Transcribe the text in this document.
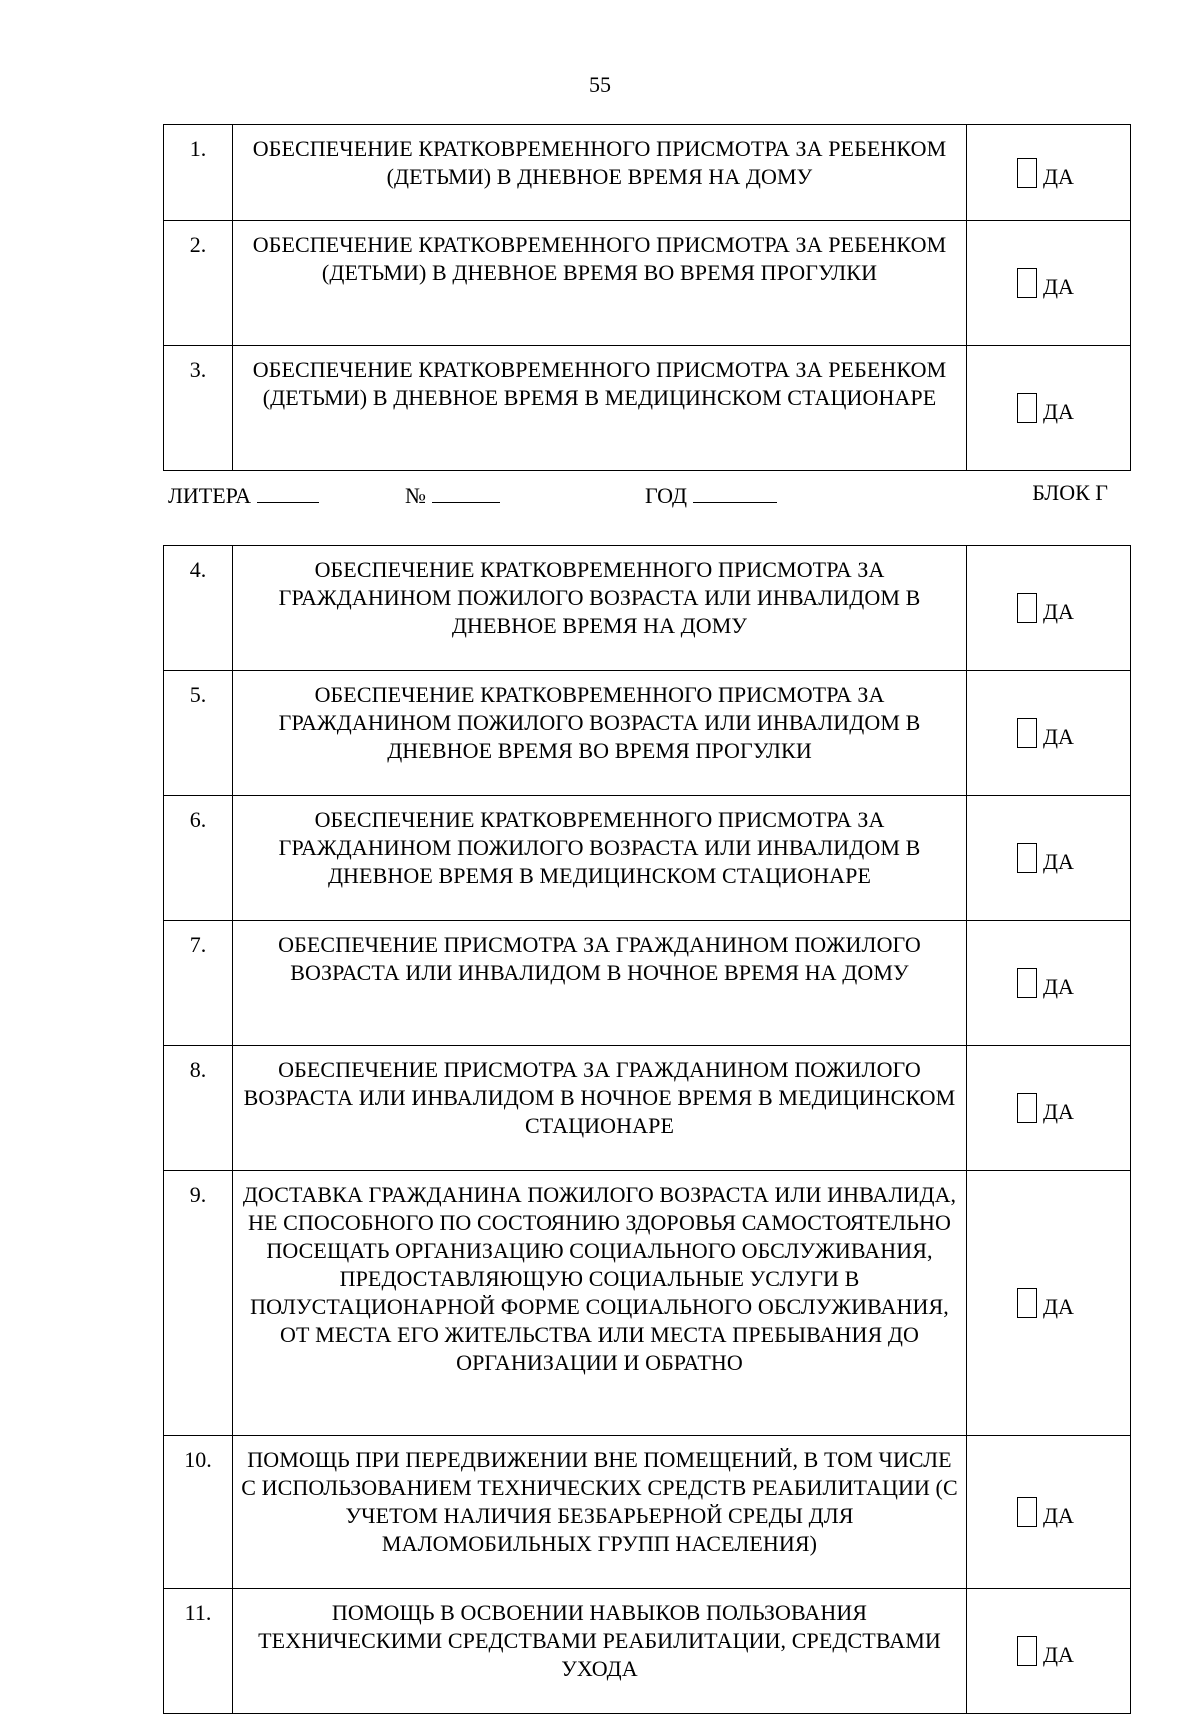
55
1.	ОБЕСПЕЧЕНИЕ КРАТКОВРЕМЕННОГО ПРИСМОТРА ЗА РЕБЕНКОМ (ДЕТЬМИ) В ДНЕВНОЕ ВРЕМЯ НА ДОМУ	ДА

2.	ОБЕСПЕЧЕНИЕ КРАТКОВРЕМЕННОГО ПРИСМОТРА ЗА РЕБЕНКОМ (ДЕТЬМИ) В ДНЕВНОЕ ВРЕМЯ ВО ВРЕМЯ ПРОГУЛКИ	ДА

3.	ОБЕСПЕЧЕНИЕ КРАТКОВРЕМЕННОГО ПРИСМОТРА ЗА РЕБЕНКОМ (ДЕТЬМИ) В ДНЕВНОЕ ВРЕМЯ В МЕДИЦИНСКОМ СТАЦИОНАРЕ	ДА
ЛИТЕРА	№	ГОД	БЛОК Г
4.	ОБЕСПЕЧЕНИЕ КРАТКОВРЕМЕННОГО ПРИСМОТРА ЗА ГРАЖДАНИНОМ ПОЖИЛОГО ВОЗРАСТА ИЛИ ИНВАЛИДОМ В ДНЕВНОЕ ВРЕМЯ НА ДОМУ	ДА

5.	ОБЕСПЕЧЕНИЕ КРАТКОВРЕМЕННОГО ПРИСМОТРА ЗА ГРАЖДАНИНОМ ПОЖИЛОГО ВОЗРАСТА ИЛИ ИНВАЛИДОМ В ДНЕВНОЕ ВРЕМЯ ВО ВРЕМЯ ПРОГУЛКИ	ДА

6.	ОБЕСПЕЧЕНИЕ КРАТКОВРЕМЕННОГО ПРИСМОТРА ЗА ГРАЖДАНИНОМ ПОЖИЛОГО ВОЗРАСТА ИЛИ ИНВАЛИДОМ В ДНЕВНОЕ ВРЕМЯ В МЕДИЦИНСКОМ СТАЦИОНАРЕ	ДА

7.	ОБЕСПЕЧЕНИЕ ПРИСМОТРА ЗА ГРАЖДАНИНОМ ПОЖИЛОГО ВОЗРАСТА ИЛИ ИНВАЛИДОМ В НОЧНОЕ ВРЕМЯ НА ДОМУ	ДА

8.	ОБЕСПЕЧЕНИЕ ПРИСМОТРА ЗА ГРАЖДАНИНОМ ПОЖИЛОГО ВОЗРАСТА ИЛИ ИНВАЛИДОМ В НОЧНОЕ ВРЕМЯ В МЕДИЦИНСКОМ СТАЦИОНАРЕ	ДА

9.	ДОСТАВКА ГРАЖДАНИНА ПОЖИЛОГО ВОЗРАСТА ИЛИ ИНВАЛИДА, НЕ СПОСОБНОГО ПО СОСТОЯНИЮ ЗДОРОВЬЯ САМОСТОЯТЕЛЬНО ПОСЕЩАТЬ ОРГАНИЗАЦИЮ СОЦИАЛЬНОГО ОБСЛУЖИВАНИЯ, ПРЕДОСТАВЛЯЮЩУЮ СОЦИАЛЬНЫЕ УСЛУГИ В ПОЛУСТАЦИОНАРНОЙ ФОРМЕ СОЦИАЛЬНОГО ОБСЛУЖИВАНИЯ, ОТ МЕСТА ЕГО ЖИТЕЛЬСТВА ИЛИ МЕСТА ПРЕБЫВАНИЯ ДО ОРГАНИЗАЦИИ И ОБРАТНО	ДА

10.	ПОМОЩЬ ПРИ ПЕРЕДВИЖЕНИИ ВНЕ ПОМЕЩЕНИЙ, В ТОМ ЧИСЛЕ С ИСПОЛЬЗОВАНИЕМ ТЕХНИЧЕСКИХ СРЕДСТВ РЕАБИЛИТАЦИИ (С УЧЕТОМ НАЛИЧИЯ БЕЗБАРЬЕРНОЙ СРЕДЫ ДЛЯ МАЛОМОБИЛЬНЫХ ГРУПП НАСЕЛЕНИЯ)	ДА

11.	ПОМОЩЬ В ОСВОЕНИИ НАВЫКОВ ПОЛЬЗОВАНИЯ ТЕХНИЧЕСКИМИ СРЕДСТВАМИ РЕАБИЛИТАЦИИ, СРЕДСТВАМИ УХОДА	ДА
